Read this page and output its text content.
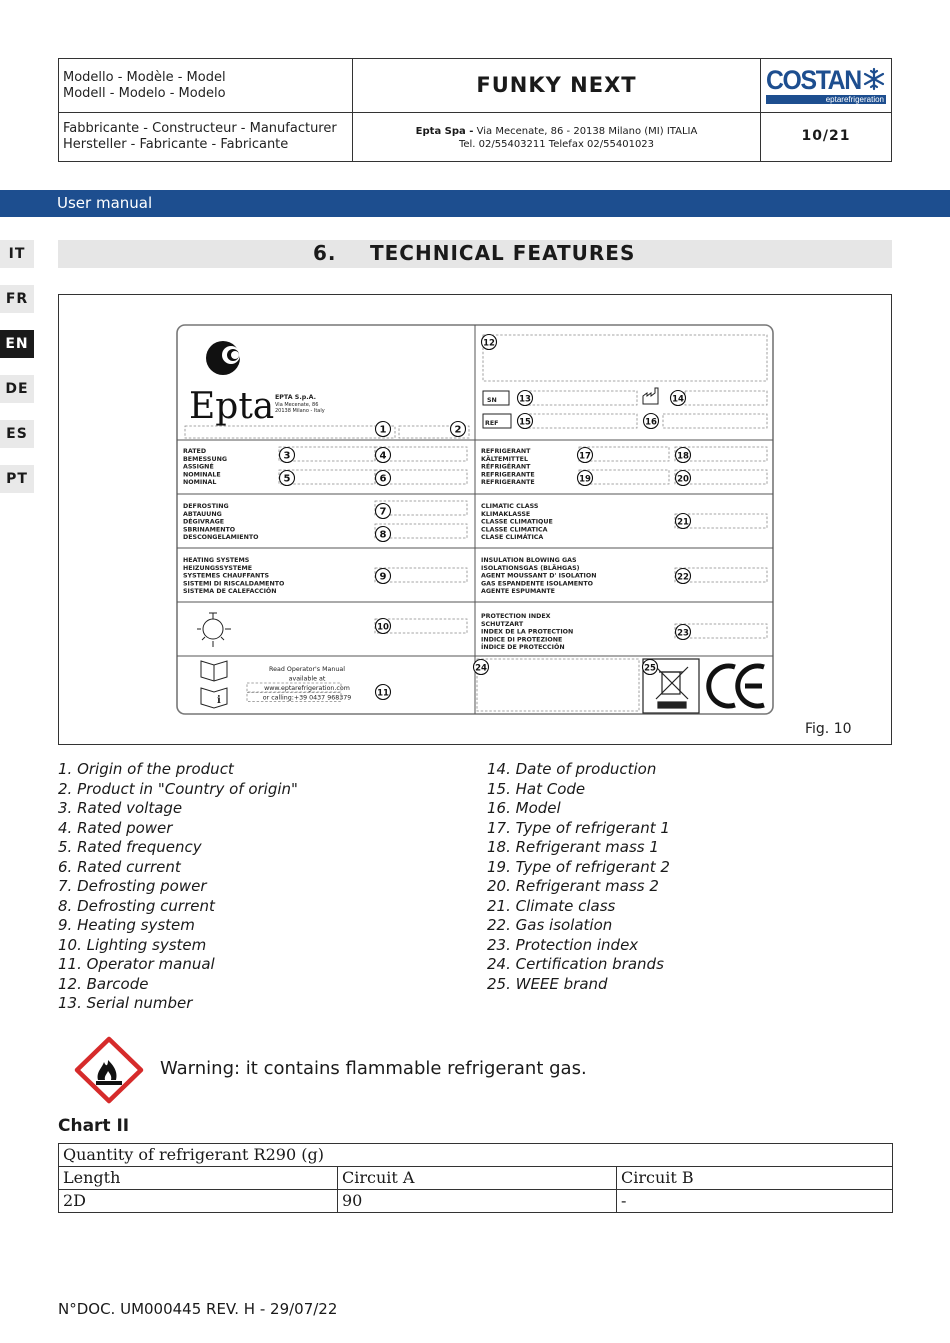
Modello - Modèle - Model
Modell - Modelo - Modelo	FUNKY NEXT	COSTAN
eptarefrigeration
Fabbricante - Constructeur - Manufacturer
Hersteller - Fabricante - Fabricante
Epta Spa - Via Mecenate, 86 - 20138 Milano (MI) ITALIA
Tel. 02/55403211 Telefax 02/55401023
10/21
User manual
IT
FR
EN
DE
ES
PT
6. TECHNICAL FEATURES
Epta EPTA S.p.A.
Via Mecenate, 86
20138 Milano - Italy
SN
REF
RATED
BEMESSUNG
ASSIGNÉ
NOMINALE
NOMINAL
DEFROSTING
ABTAUUNG
DÉGIVRAGE
SBRINAMENTO
DESCONGELAMIENTO
HEATING SYSTEMS
HEIZUNGSSYSTEME
SYSTEMES CHAUFFANTS
SISTEMI DI RISCALDAMENTO
SISTEMA DE CALEFACCIÓN
REFRIGERANT
KÄLTEMITTEL
RÉFRIGÉRANT
REFRIGERANTE
REFRIGERANTE
CLIMATIC CLASS
KLIMAKLASSE
CLASSE CLIMATIQUE
CLASSE CLIMATICA
CLASE CLIMÁTICA
INSULATION BLOWING GAS
ISOLATIONSGAS (BLÄHGAS)
AGENT MOUSSANT D' ISOLATION
GAS ESPANDENTE ISOLAMENTO
AGENTE ESPUMANTE
PROTECTION INDEX
SCHUTZART
INDEX DE LA PROTECTION
INDICE DI PROTEZIONE
ÍNDICE DE PROTECCIÓN
i
Read Operator's Manual
available at
www.eptarefrigeration.com
or calling:+39 0437 968379
CE
1	2
3	4
5	6
7
8
9
10
11
12
13	14
15	16
17	18
19	20
21
22
23
24	25
Fig. 10
1. Origin of the product
2. Product in "Country of origin"
3. Rated voltage
4. Rated power
5. Rated frequency
6. Rated current
7. Defrosting power
8. Defrosting current
9. Heating system
10. Lighting system
11. Operator manual
12. Barcode
13. Serial number
14. Date of production
15. Hat Code
16. Model
17. Type of refrigerant 1
18. Refrigerant mass 1
19. Type of refrigerant 2
20. Refrigerant mass 2
21. Climate class
22. Gas isolation
23. Protection index
24. Certification brands
25. WEEE brand
Warning: it contains flammable refrigerant gas.
Chart II
Quantity of refrigerant R290 (g)		
Length	Circuit A	Circuit B
2D	90	-
N°DOC. UM000445 REV. H - 29/07/22
